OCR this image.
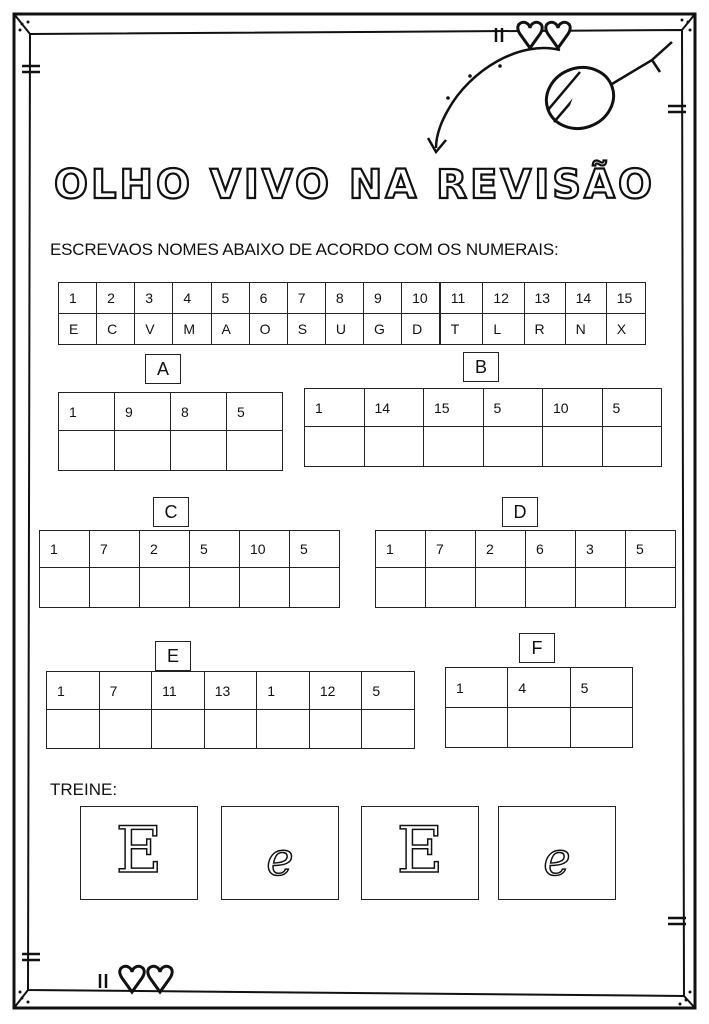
OLHO VIVO NA REVISÃO
ESCREVAOS NOMES ABAIXO DE ACORDO COM OS NUMERAIS:
1	2	3	4	5	6	7	8	9	10	11	12	13	14	15
E	C	V	M	A	O	S	U	G	D	T	L	R	N	X
A
1	9	8	5

B
1	14	15	5	10	5

C
1	7	2	5	10	5

D
1	7	2	6	3	5

E
1	7	11	13	1	12	5

F
1	4	5

TREINE:
E	e	E	e
